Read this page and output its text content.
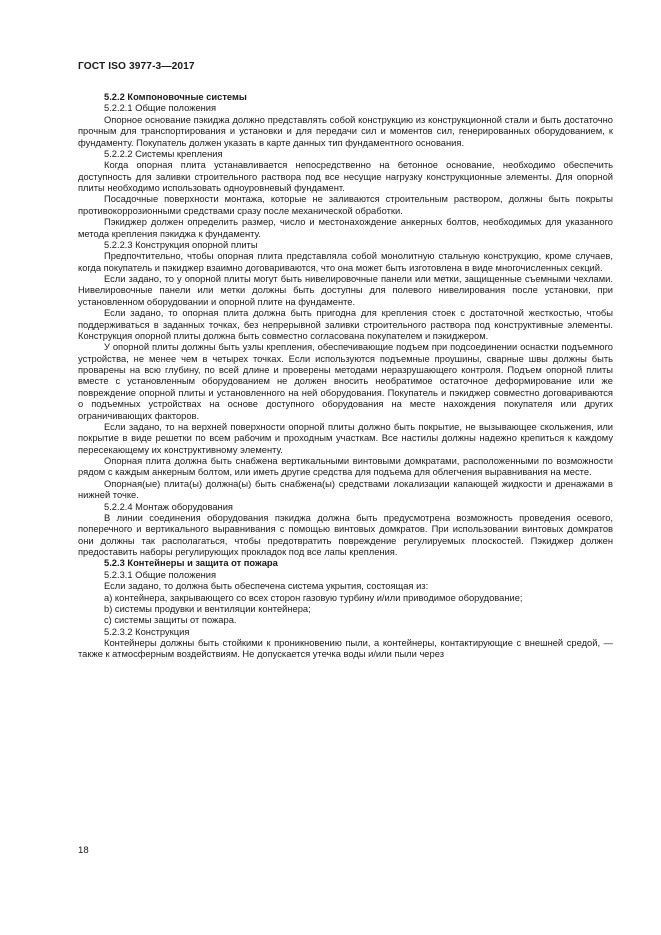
ГОСТ ISO 3977-3—2017

5.2.2 Компоновочные системы

5.2.2.1 Общие положения

Опорное основание пэкиджа должно представлять собой конструкцию из конструкционной стали и быть достаточно прочным для транспортирования и установки и для передачи сил и моментов сил, генерированных оборудованием, к фундаменту. Покупатель должен указать в карте данных тип фундаментного основания.

5.2.2.2 Системы крепления

Когда опорная плита устанавливается непосредственно на бетонное основание, необходимо обеспечить доступность для заливки строительного раствора под все несущие нагрузку конструкционные элементы. Для опорной плиты необходимо использовать одноуровневый фундамент.

Посадочные поверхности монтажа, которые не заливаются строительным раствором, должны быть покрыты противокоррозионными средствами сразу после механической обработки.

Пэкиджер должен определить размер, число и местонахождение анкерных болтов, необходимых для указанного метода крепления пэкиджа к фундаменту.

5.2.2.3 Конструкция опорной плиты

Предпочтительно, чтобы опорная плита представляла собой монолитную стальную конструкцию, кроме случаев, когда покупатель и пэкиджер взаимно договариваются, что она может быть изготовлена в виде многочисленных секций.

Если задано, то у опорной плиты могут быть нивелировочные панели или метки, защищенные съемными чехлами. Нивелировочные панели или метки должны быть доступны для полевого нивелирования после установки, при установленном оборудовании и опорной плите на фундаменте.

Если задано, то опорная плита должна быть пригодна для крепления стоек с достаточной жесткостью, чтобы поддерживаться в заданных точках, без непрерывной заливки строительного раствора под конструктивные элементы. Конструкция опорной плиты должна быть совместно согласована покупателем и пэкиджером.

У опорной плиты должны быть узлы крепления, обеспечивающие подъем при подсоединении оснастки подъемного устройства, не менее чем в четырех точках. Если используются подъемные проушины, сварные швы должны быть проварены на всю глубину, по всей длине и проверены методами неразрушающего контроля. Подъем опорной плиты вместе с установленным оборудованием не должен вносить необратимое остаточное деформирование или же повреждение опорной плиты и установленного на ней оборудования. Покупатель и пэкиджер совместно договариваются о подъемных устройствах на основе доступного оборудования на месте нахождения покупателя или других ограничивающих факторов.

Если задано, то на верхней поверхности опорной плиты должно быть покрытие, не вызывающее скольжения, или покрытие в виде решетки по всем рабочим и проходным участкам. Все настилы должны надежно крепиться к каждому пересекающему их конструктивному элементу.

Опорная плита должна быть снабжена вертикальными винтовыми домкратами, расположенными по возможности рядом с каждым анкерным болтом, или иметь другие средства для подъема для облегчения выравнивания на месте.

Опорная(ые) плита(ы) должна(ы) быть снабжена(ы) средствами локализации капающей жидкости и дренажами в нижней точке.

5.2.2.4 Монтаж оборудования

В линии соединения оборудования пэкиджа должна быть предусмотрена возможность проведения осевого, поперечного и вертикального выравнивания с помощью винтовых домкратов. При использовании винтовых домкратов они должны так располагаться, чтобы предотвратить повреждение регулируемых плоскостей. Пэкиджер должен предоставить наборы регулирующих прокладок под все лапы крепления.

5.2.3 Контейнеры и защита от пожара

5.2.3.1 Общие положения

Если задано, то должна быть обеспечена система укрытия, состоящая из:

a) контейнера, закрывающего со всех сторон газовую турбину и/или приводимое оборудование;

b) системы продувки и вентиляции контейнера;

c) системы защиты от пожара.

5.2.3.2 Конструкция

Контейнеры должны быть стойкими к проникновению пыли, а контейнеры, контактирующие с внешней средой, — также к атмосферным воздействиям. Не допускается утечка воды и/или пыли через

18
